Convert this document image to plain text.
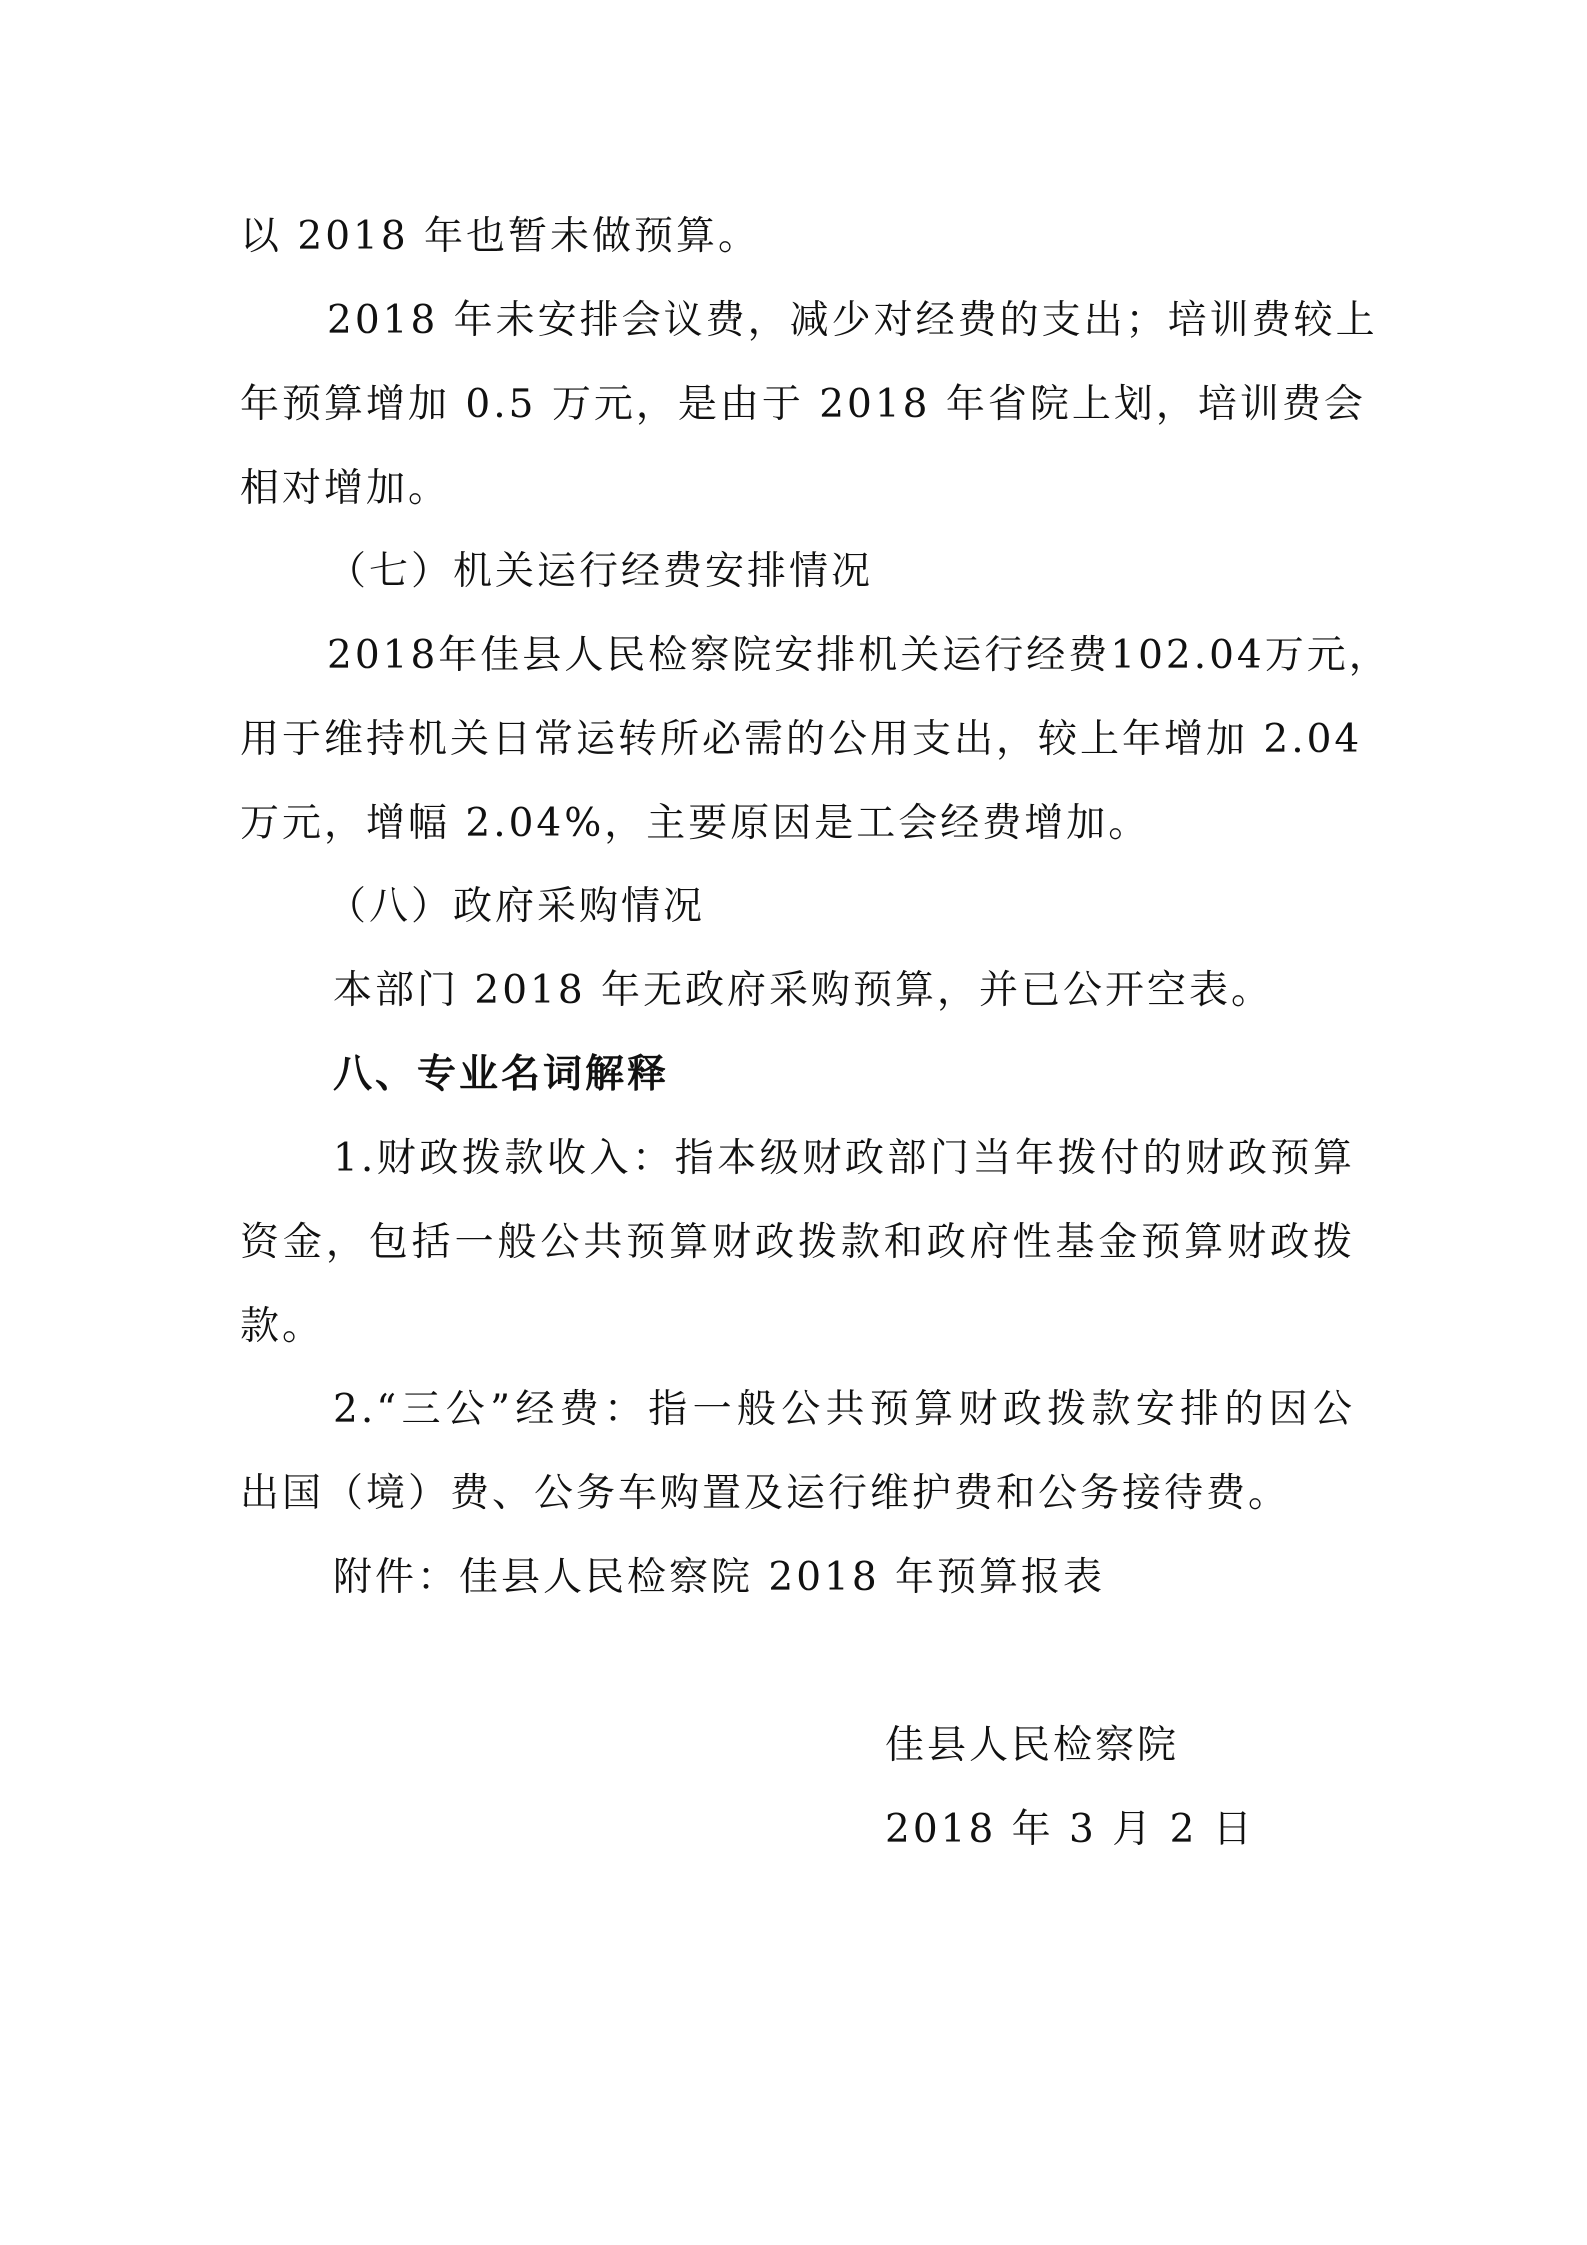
以 2018 年也暂未做预算。
2018 年未安排会议费，减少对经费的支出；培训费较上
年预算增加 0.5 万元，是由于 2018 年省院上划，培训费会
相对增加。
（七）机关运行经费安排情况
2018年佳县人民检察院安排机关运行经费102.04万元，
用于维持机关日常运转所必需的公用支出，较上年增加 2.04
万元，增幅 2.04%，主要原因是工会经费增加。
（八）政府采购情况
本部门 2018 年无政府采购预算，并已公开空表。
八、专业名词解释
1.财政拨款收入：指本级财政部门当年拨付的财政预算
资金，包括一般公共预算财政拨款和政府性基金预算财政拨
款。
2.“三公”经费：指一般公共预算财政拨款安排的因公
出国（境）费、公务车购置及运行维护费和公务接待费。
附件：佳县人民检察院 2018 年预算报表
佳县人民检察院
2018 年 3 月 2 日
